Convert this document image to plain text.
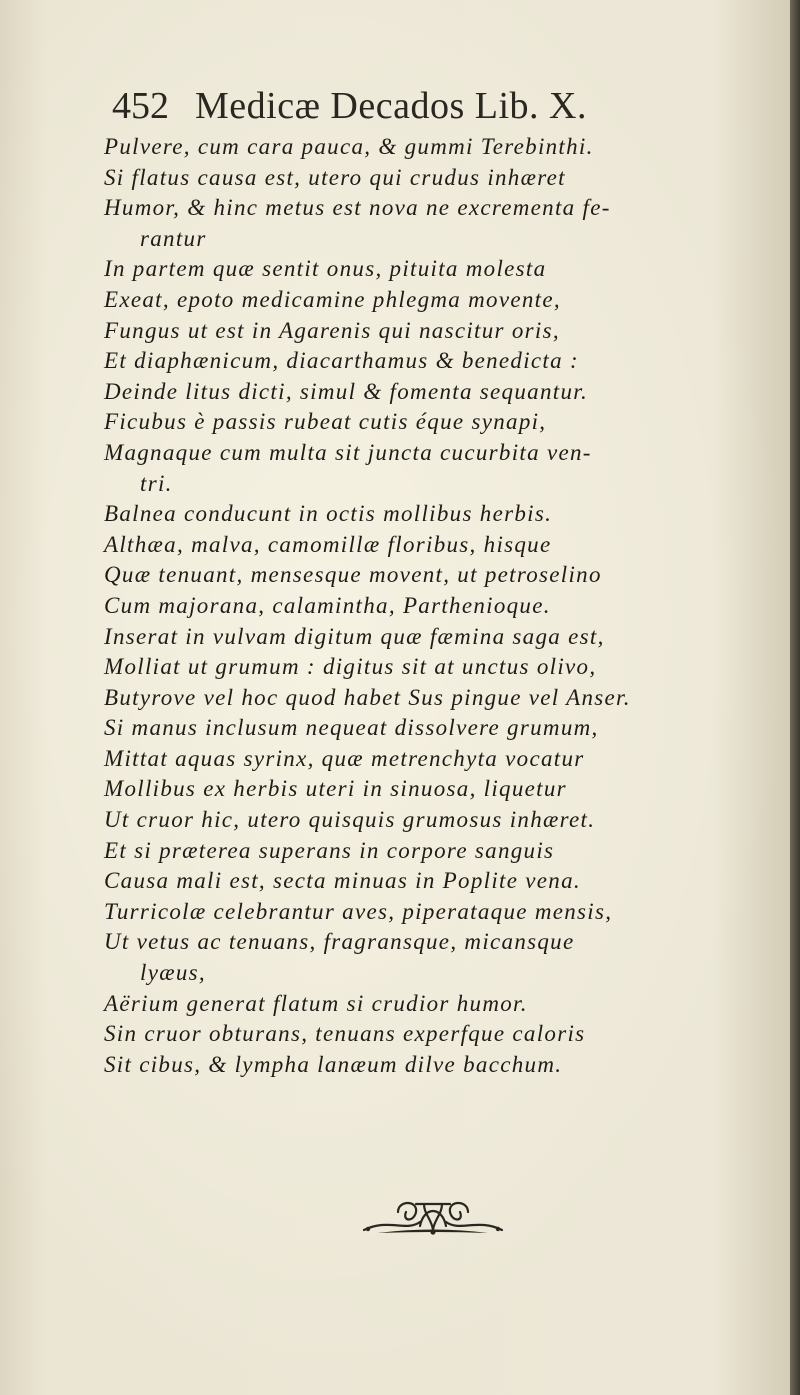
452 Medicæ Decados Lib. X.
Pulvere, cum cara pauca, & gummi Terebinthi.
Si flatus causa est, utero qui crudus inhæret
Humor, & hinc metus est nova ne excrementa fe-
rantur
In partem quæ sentit onus, pituita molesta
Exeat, epoto medicamine phlegma movente,
Fungus ut est in Agarenis qui nascitur oris,
Et diaphænicum, diacarthamus & benedicta :
Deinde litus dicti, simul & fomenta sequantur.
Ficubus è passis rubeat cutis éque synapi,
Magnaque cum multa sit juncta cucurbita ven-
tri.
Balnea conducunt in octis mollibus herbis.
Althæa, malva, camomillæ floribus, hisque
Quæ tenuant, mensesque movent, ut petroselino
Cum majorana, calamintha, Parthenioque.
Inserat in vulvam digitum quæ fæmina saga est,
Molliat ut grumum : digitus sit at unctus olivo,
Butyrove vel hoc quod habet Sus pingue vel Anser.
Si manus inclusum nequeat dissolvere grumum,
Mittat aquas syrinx, quæ metrenchyta vocatur
Mollibus ex herbis uteri in sinuosa, liquetur
Ut cruor hic, utero quisquis grumosus inhæret.
Et si præterea superans in corpore sanguis
Causa mali est, secta minuas in Poplite vena.
Turricolæ celebrantur aves, piperataque mensis,
Ut vetus ac tenuans, fragransque, micansque
lyæus,
Aërium generat flatum si crudior humor.
Sin cruor obturans, tenuans experfque caloris
Sit cibus, & lympha lanæum dilve bacchum.
